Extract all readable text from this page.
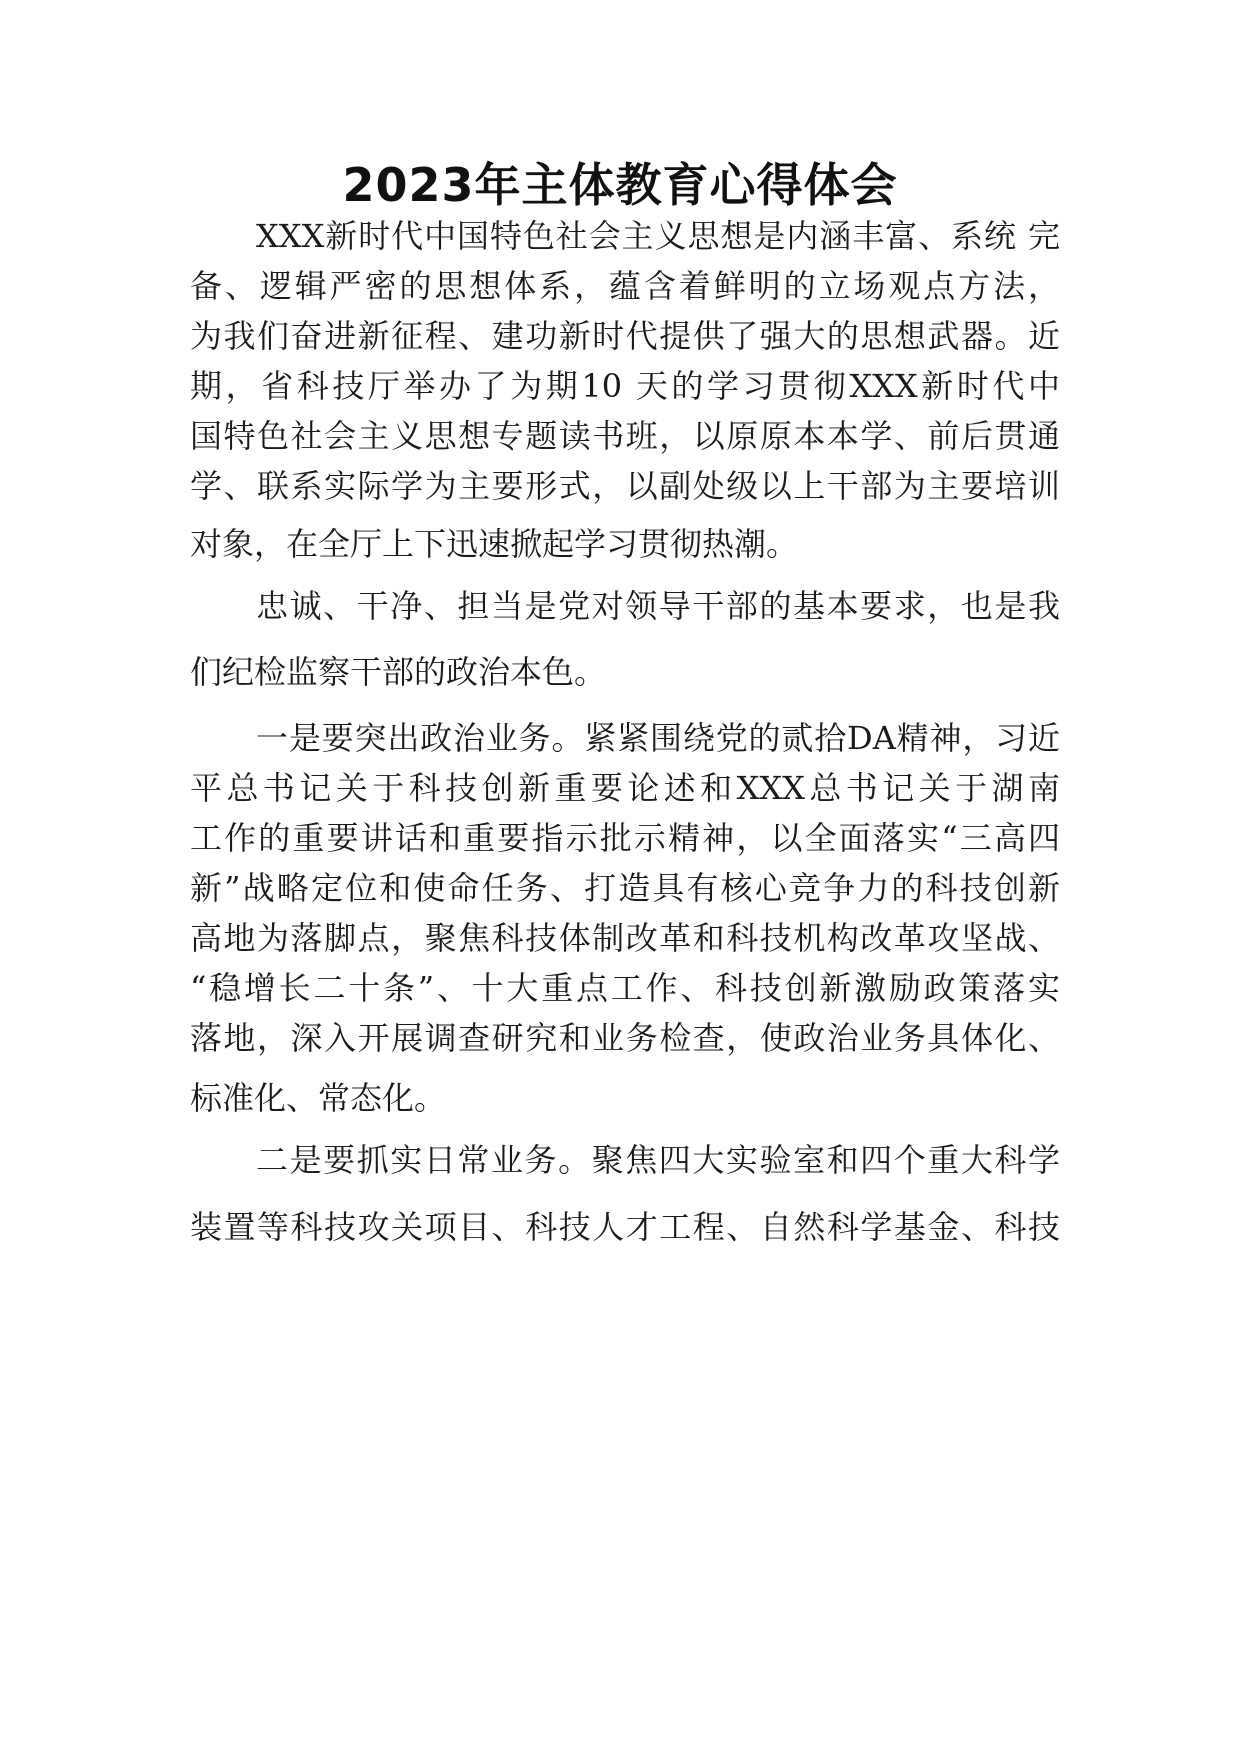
2023年主体教育心得体会
XXX新时代中国特色社会主义思想是内涵丰富、系统 完
备、逻辑严密的思想体系，蕴含着鲜明的立场观点方法，
为我们奋进新征程、建功新时代提供了强大的思想武器。近
期，省科技厅举办了为期10 天的学习贯彻XXX新时代中
国特色社会主义思想专题读书班，以原原本本学、前后贯通
学、联系实际学为主要形式，以副处级以上干部为主要培训
对象，在全厅上下迅速掀起学习贯彻热潮。
忠诚、干净、担当是党对领导干部的基本要求，也是我
们纪检监察干部的政治本色。
一是要突出政治业务。紧紧围绕党的贰拾DA精神，习近
平总书记关于科技创新重要论述和XXX总书记关于湖南
工作的重要讲话和重要指示批示精神，以全面落实“三高四
新”战略定位和使命任务、打造具有核心竞争力的科技创新
高地为落脚点，聚焦科技体制改革和科技机构改革攻坚战、
“稳增长二十条”、十大重点工作、科技创新激励政策落实
落地，深入开展调查研究和业务检查，使政治业务具体化、
标准化、常态化。
二是要抓实日常业务。聚焦四大实验室和四个重大科学
装置等科技攻关项目、科技人才工程、自然科学基金、科技
